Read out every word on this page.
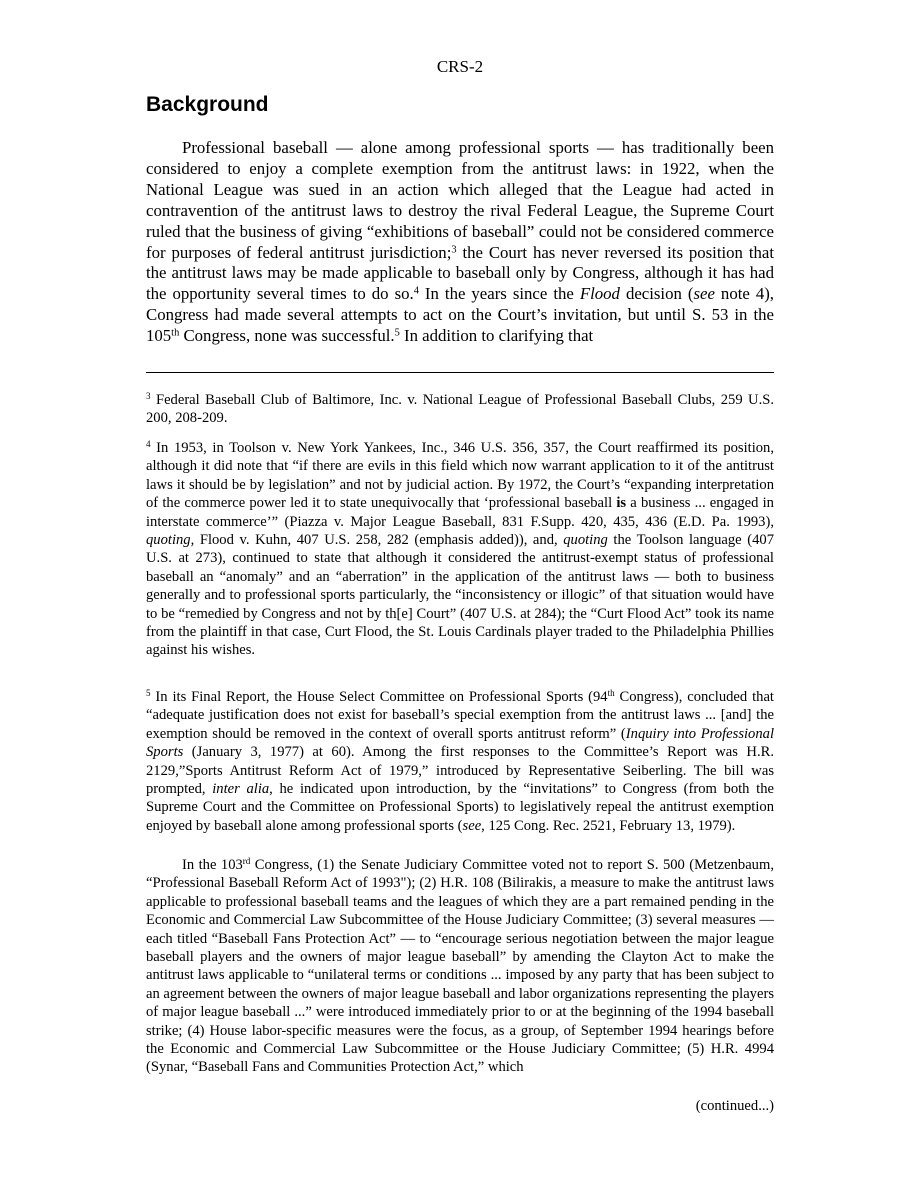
CRS-2
Background

Professional baseball — alone among professional sports — has traditionally been considered to enjoy a complete exemption from the antitrust laws: in 1922, when the National League was sued in an action which alleged that the League had acted in contravention of the antitrust laws to destroy the rival Federal League, the Supreme Court ruled that the business of giving “exhibitions of baseball” could not be considered commerce for purposes of federal antitrust jurisdiction;$^3$ the Court has never reversed its position that the antitrust laws may be made applicable to baseball only by Congress, although it has had the opportunity several times to do so.$^4$ In the years since the Flood decision (see note 4), Congress had made several attempts to act on the Court’s invitation, but until S. 53 in the 105th Congress, none was successful.$^5$ In addition to clarifying that

$^3$ Federal Baseball Club of Baltimore, Inc. v. National League of Professional Baseball Clubs, 259 U.S. 200, 208-209.

$^4$ In 1953, in Toolson v. New York Yankees, Inc., 346 U.S. 356, 357, the Court reaffirmed its position, although it did note that “if there are evils in this field which now warrant application to it of the antitrust laws it should be by legislation” and not by judicial action. By 1972, the Court’s “expanding interpretation of the commerce power led it to state unequivocally that ‘professional baseball is a business ... engaged in interstate commerce’” (Piazza v. Major League Baseball, 831 F.Supp. 420, 435, 436 (E.D. Pa. 1993), quoting, Flood v. Kuhn, 407 U.S. 258, 282 (emphasis added)), and, quoting the Toolson language (407 U.S. at 273), continued to state that although it considered the antitrust-exempt status of professional baseball an “anomaly” and an “aberration” in the application of the antitrust laws — both to business generally and to professional sports particularly, the “inconsistency or illogic” of that situation would have to be “remedied by Congress and not by th[e] Court” (407 U.S. at 284); the “Curt Flood Act” took its name from the plaintiff in that case, Curt Flood, the St. Louis Cardinals player traded to the Philadelphia Phillies against his wishes.

$^5$ In its Final Report, the House Select Committee on Professional Sports (94th Congress), concluded that “adequate justification does not exist for baseball’s special exemption from the antitrust laws ... [and] the exemption should be removed in the context of overall sports antitrust reform” (Inquiry into Professional Sports (January 3, 1977) at 60). Among the first responses to the Committee’s Report was H.R. 2129,”Sports Antitrust Reform Act of 1979,” introduced by Representative Seiberling. The bill was prompted, inter alia, he indicated upon introduction, by the “invitations” to Congress (from both the Supreme Court and the Committee on Professional Sports) to legislatively repeal the antitrust exemption enjoyed by baseball alone among professional sports (see, 125 Cong. Rec. 2521, February 13, 1979).

In the 103rd Congress, (1) the Senate Judiciary Committee voted not to report S. 500 (Metzenbaum, “Professional Baseball Reform Act of 1993"); (2) H.R. 108 (Bilirakis, a measure to make the antitrust laws applicable to professional baseball teams and the leagues of which they are a part remained pending in the Economic and Commercial Law Subcommittee of the House Judiciary Committee; (3) several measures — each titled “Baseball Fans Protection Act” — to “encourage serious negotiation between the major league baseball players and the owners of major league baseball” by amending the Clayton Act to make the antitrust laws applicable to “unilateral terms or conditions ... imposed by any party that has been subject to an agreement between the owners of major league baseball and labor organizations representing the players of major league baseball ...” were introduced immediately prior to or at the beginning of the 1994 baseball strike; (4) House labor-specific measures were the focus, as a group, of September 1994 hearings before the Economic and Commercial Law Subcommittee or the House Judiciary Committee; (5) H.R. 4994 (Synar, “Baseball Fans and Communities Protection Act,” which

(continued...)
